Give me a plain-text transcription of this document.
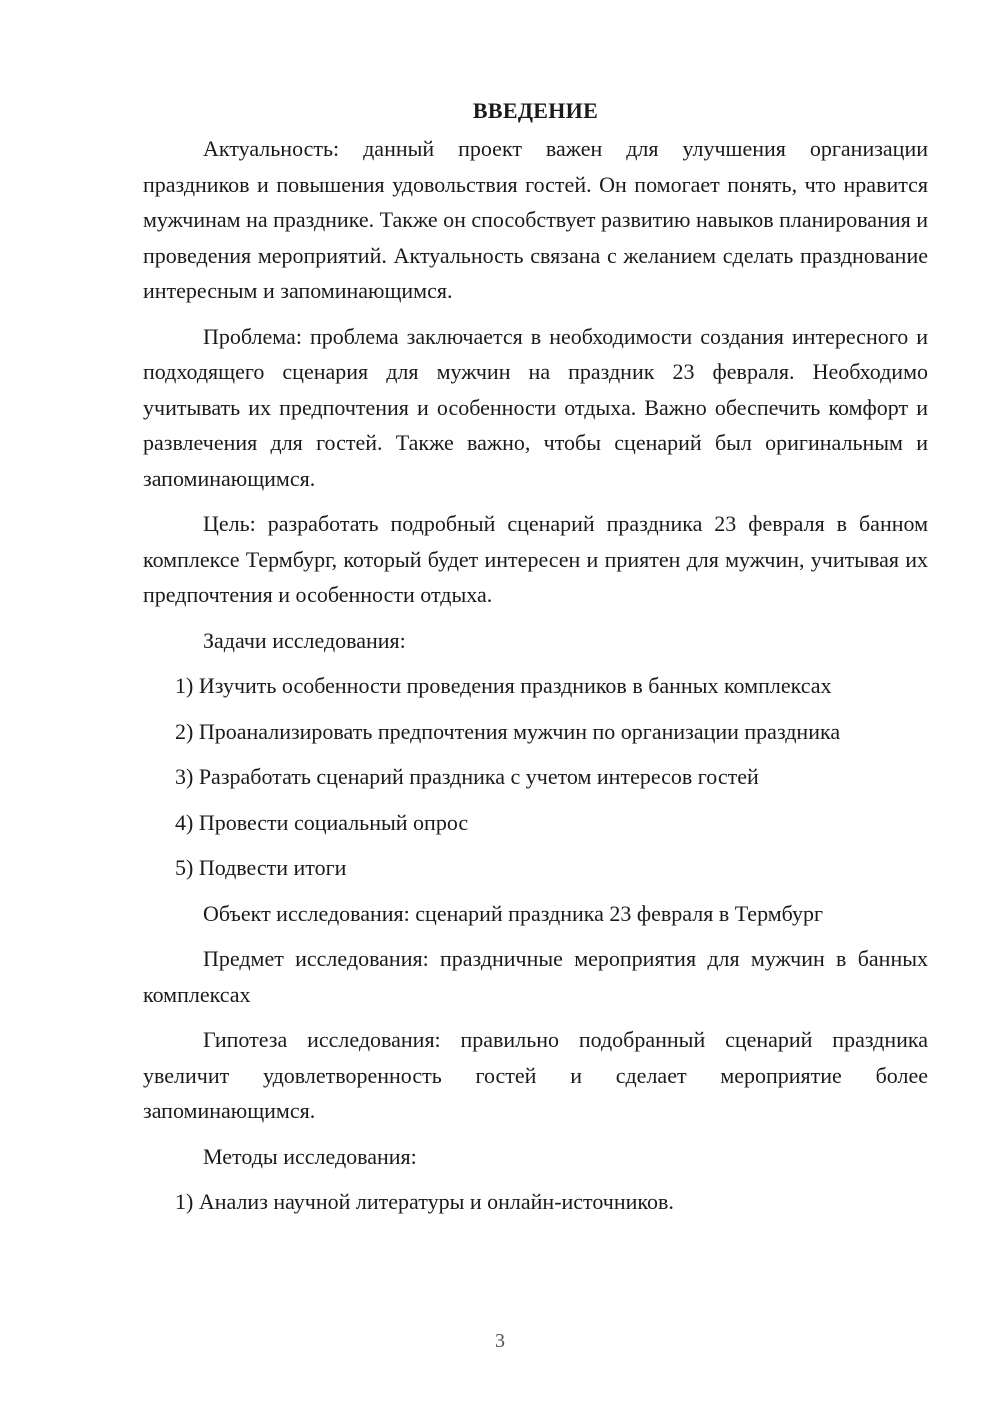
ВВЕДЕНИЕ

Актуальность: данный проект важен для улучшения организации праздников и повышения удовольствия гостей. Он помогает понять, что нравится мужчинам на празднике. Также он способствует развитию навыков планирования и проведения мероприятий. Актуальность связана с желанием сделать празднование интересным и запоминающимся.

Проблема: проблема заключается в необходимости создания интересного и подходящего сценария для мужчин на праздник 23 февраля. Необходимо учитывать их предпочтения и особенности отдыха. Важно обеспечить комфорт и развлечения для гостей. Также важно, чтобы сценарий был оригинальным и запоминающимся.

Цель: разработать подробный сценарий праздника 23 февраля в банном комплексе Термбург, который будет интересен и приятен для мужчин, учитывая их предпочтения и особенности отдыха.

Задачи исследования:

1) Изучить особенности проведения праздников в банных комплексах

2) Проанализировать предпочтения мужчин по организации праздника

3) Разработать сценарий праздника с учетом интересов гостей

4) Провести социальный опрос

5) Подвести итоги

Объект исследования: сценарий праздника 23 февраля в Термбург

Предмет исследования: праздничные мероприятия для мужчин в банных комплексах

Гипотеза исследования: правильно подобранный сценарий праздника увеличит удовлетворенность гостей и сделает мероприятие более запоминающимся.

Методы исследования:

1) Анализ научной литературы и онлайн-источников.

3
